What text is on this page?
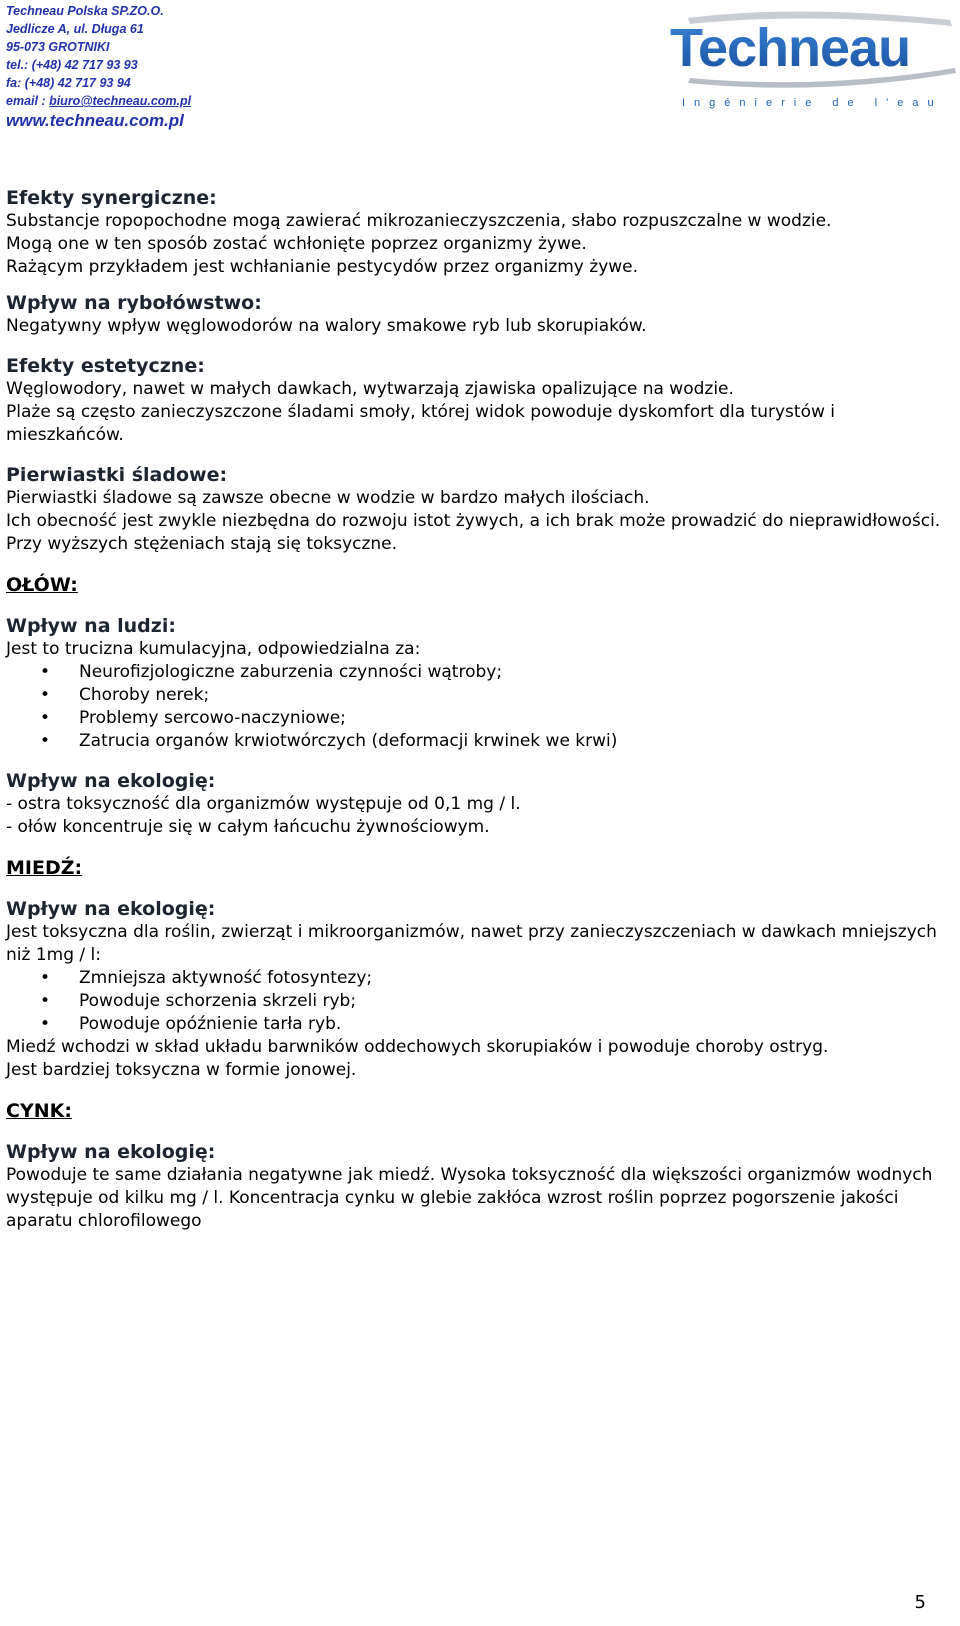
Techneau Polska SP.ZO.O.
Jedlicze A, ul. Długa 61
95-073 GROTNIKI
tel.: (+48) 42 717 93 93
fa: (+48) 42 717 93 94
email : biuro@techneau.com.pl
www.techneau.com.pl
Techneau
Ingénierie de l'eau
Efekty synergiczne:
Substancje ropopochodne mogą zawierać mikrozanieczyszczenia, słabo rozpuszczalne w wodzie.
Mogą one w ten sposób zostać wchłonięte poprzez organizmy żywe.
Rażącym przykładem jest wchłanianie pestycydów przez organizmy żywe.
Wpływ na rybołówstwo:
Negatywny wpływ węglowodorów na walory smakowe ryb lub skorupiaków.
Efekty estetyczne:
Węglowodory, nawet w małych dawkach, wytwarzają zjawiska opalizujące na wodzie.
Plaże są często zanieczyszczone śladami smoły, której widok powoduje dyskomfort dla turystów i mieszkańców.
Pierwiastki śladowe:
Pierwiastki śladowe są zawsze obecne w wodzie w bardzo małych ilościach.
Ich obecność jest zwykle niezbędna do rozwoju istot żywych, a ich brak może prowadzić do nieprawidłowości.
Przy wyższych stężeniach stają się toksyczne.
OŁÓW:
Wpływ na ludzi:
Jest to trucizna kumulacyjna, odpowiedzialna za:
• Neurofizjologiczne zaburzenia czynności wątroby;
• Choroby nerek;
• Problemy sercowo-naczyniowe;
• Zatrucia organów krwiotwórczych (deformacji krwinek we krwi)
Wpływ na ekologię:
- ostra toksyczność dla organizmów występuje od 0,1 mg / l.
- ołów koncentruje się w całym łańcuchu żywnościowym.
MIEDŹ:
Wpływ na ekologię:
Jest toksyczna dla roślin, zwierząt i mikroorganizmów, nawet przy zanieczyszczeniach w dawkach mniejszych niż 1mg / l:
• Zmniejsza aktywność fotosyntezy;
• Powoduje schorzenia skrzeli ryb;
• Powoduje opóźnienie tarła ryb.
Miedź wchodzi w skład układu barwników oddechowych skorupiaków i powoduje choroby ostryg.
Jest bardziej toksyczna w formie jonowej.
CYNK:
Wpływ na ekologię:
Powoduje te same działania negatywne jak miedź. Wysoka toksyczność dla większości organizmów wodnych występuje od kilku mg / l. Koncentracja cynku w glebie zakłóca wzrost roślin poprzez pogorszenie jakości aparatu chlorofilowego
5
